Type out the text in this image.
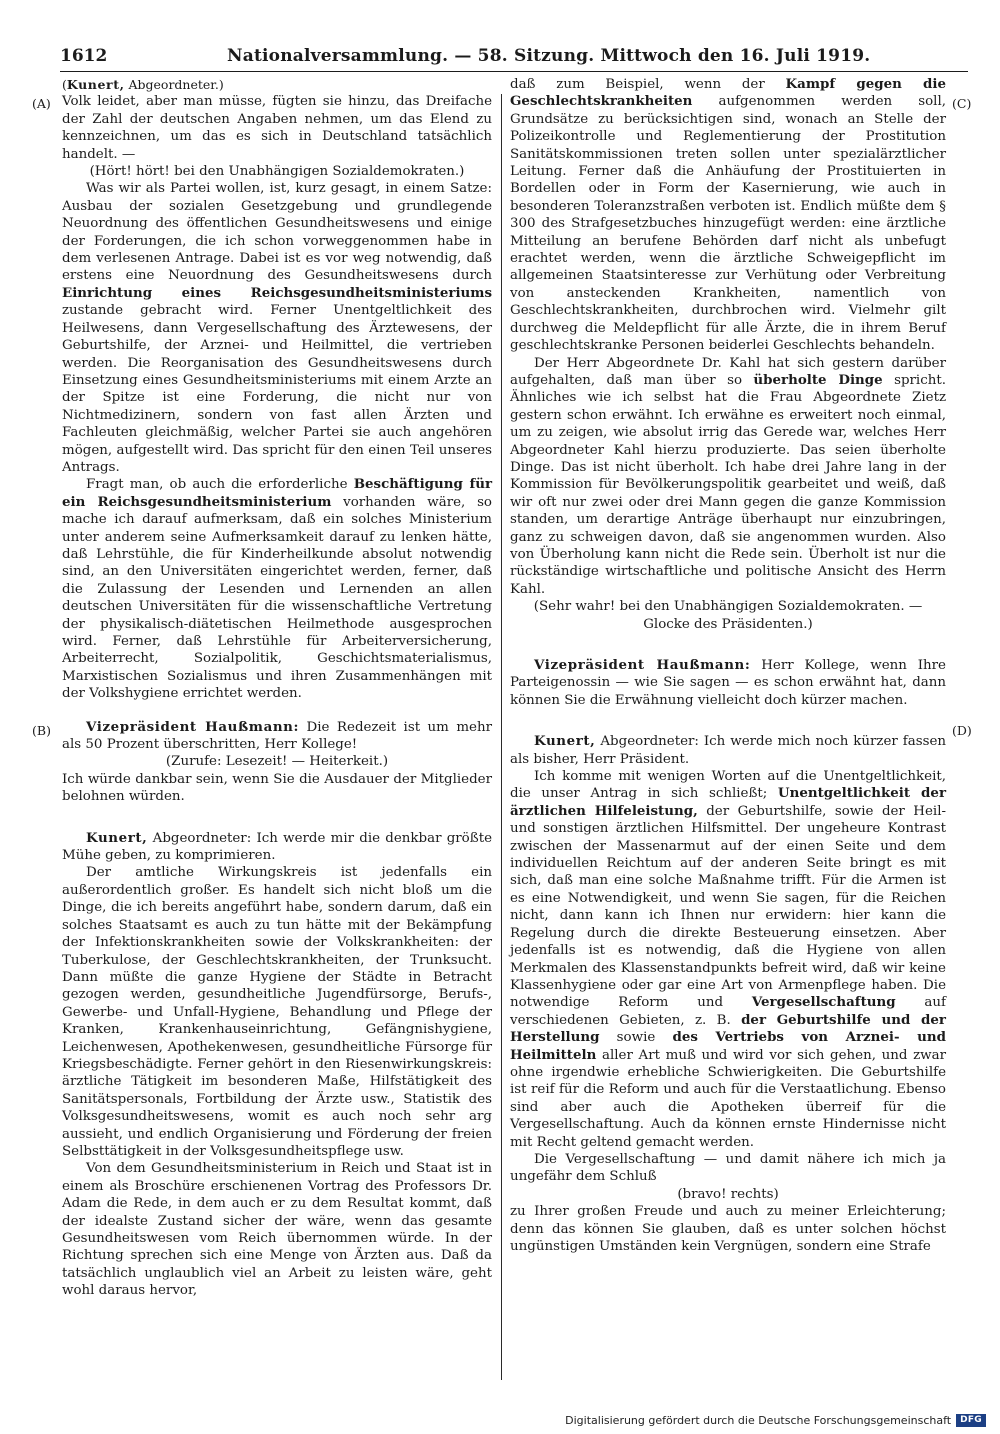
1612	Nationalversammlung. — 58. Sitzung. Mittwoch den 16. Juli 1919.
(A)
(B)
(C)
(D)

(Kunert, Abgeordneter.)

Volk leidet, aber man müsse, fügten sie hinzu, das Dreifache der Zahl der deutschen Angaben nehmen, um das Elend zu kennzeichnen, um das es sich in Deutschland tatsächlich handelt. —

(Hört! hört! bei den Unabhängigen Sozialdemokraten.)

Was wir als Partei wollen, ist, kurz gesagt, in einem Satze: Ausbau der sozialen Gesetzgebung und grundlegende Neuordnung des öffentlichen Gesundheitswesens und einige der Forderungen, die ich schon vorweggenommen habe in dem verlesenen Antrage. Dabei ist es vor weg notwendig, daß erstens eine Neuordnung des Gesundheitswesens durch Einrichtung eines Reichsgesundheitsministeriums zustande gebracht wird. Ferner Unentgeltlichkeit des Heilwesens, dann Vergesellschaftung des Ärztewesens, der Geburtshilfe, der Arznei- und Heilmittel, die vertrieben werden. Die Reorganisation des Gesundheitswesens durch Einsetzung eines Gesundheitsministeriums mit einem Arzte an der Spitze ist eine Forderung, die nicht nur von Nichtmedizinern, sondern von fast allen Ärzten und Fachleuten gleichmäßig, welcher Partei sie auch angehören mögen, aufgestellt wird. Das spricht für den einen Teil unseres Antrags.

Fragt man, ob auch die erforderliche Beschäftigung für ein Reichsgesundheitsministerium vorhanden wäre, so mache ich darauf aufmerksam, daß ein solches Ministerium unter anderem seine Aufmerksamkeit darauf zu lenken hätte, daß Lehrstühle, die für Kinderheilkunde absolut notwendig sind, an den Universitäten eingerichtet werden, ferner, daß die Zulassung der Lesenden und Lernenden an allen deutschen Universitäten für die wissenschaftliche Vertretung der physikalisch-diätetischen Heilmethode ausgesprochen wird. Ferner, daß Lehrstühle für Arbeiterversicherung, Arbeiterrecht, Sozialpolitik, Geschichtsmaterialismus, Marxistischen Sozialismus und ihren Zusammenhängen mit der Volkshygiene errichtet werden.

Vizepräsident Haußmann: Die Redezeit ist um mehr als 50 Prozent überschritten, Herr Kollege!

(Zurufe: Lesezeit! — Heiterkeit.)

Ich würde dankbar sein, wenn Sie die Ausdauer der Mitglieder belohnen würden.

Kunert, Abgeordneter: Ich werde mir die denkbar größte Mühe geben, zu komprimieren.

Der amtliche Wirkungskreis ist jedenfalls ein außerordentlich großer. Es handelt sich nicht bloß um die Dinge, die ich bereits angeführt habe, sondern darum, daß ein solches Staatsamt es auch zu tun hätte mit der Bekämpfung der Infektionskrankheiten sowie der Volkskrankheiten: der Tuberkulose, der Geschlechtskrankheiten, der Trunksucht. Dann müßte die ganze Hygiene der Städte in Betracht gezogen werden, gesundheitliche Jugendfürsorge, Berufs-, Gewerbe- und Unfall-Hygiene, Behandlung und Pflege der Kranken, Krankenhauseinrichtung, Gefängnishygiene, Leichenwesen, Apothekenwesen, gesundheitliche Fürsorge für Kriegsbeschädigte. Ferner gehört in den Riesenwirkungskreis: ärztliche Tätigkeit im besonderen Maße, Hilfstätigkeit des Sanitätspersonals, Fortbildung der Ärzte usw., Statistik des Volksgesundheitswesens, womit es auch noch sehr arg aussieht, und endlich Organisierung und Förderung der freien Selbsttätigkeit in der Volksgesundheitspflege usw.

Von dem Gesundheitsministerium in Reich und Staat ist in einem als Broschüre erschienenen Vortrag des Professors Dr. Adam die Rede, in dem auch er zu dem Resultat kommt, daß der idealste Zustand sicher der wäre, wenn das gesamte Gesundheitswesen vom Reich übernommen würde. In der Richtung sprechen sich eine Menge von Ärzten aus. Daß da tatsächlich unglaublich viel an Arbeit zu leisten wäre, geht wohl daraus hervor,

daß zum Beispiel, wenn der Kampf gegen die Geschlechtskrankheiten aufgenommen werden soll, Grundsätze zu berücksichtigen sind, wonach an Stelle der Polizeikontrolle und Reglementierung der Prostitution Sanitätskommissionen treten sollen unter spezialärztlicher Leitung. Ferner daß die Anhäufung der Prostituierten in Bordellen oder in Form der Kasernierung, wie auch in besonderen Toleranzstraßen verboten ist. Endlich müßte dem § 300 des Strafgesetzbuches hinzugefügt werden: eine ärztliche Mitteilung an berufene Behörden darf nicht als unbefugt erachtet werden, wenn die ärztliche Schweigepflicht im allgemeinen Staatsinteresse zur Verhütung oder Verbreitung von ansteckenden Krankheiten, namentlich von Geschlechtskrankheiten, durchbrochen wird. Vielmehr gilt durchweg die Meldepflicht für alle Ärzte, die in ihrem Beruf geschlechtskranke Personen beiderlei Geschlechts behandeln.

Der Herr Abgeordnete Dr. Kahl hat sich gestern darüber aufgehalten, daß man über so überholte Dinge spricht. Ähnliches wie ich selbst hat die Frau Abgeordnete Zietz gestern schon erwähnt. Ich erwähne es erweitert noch einmal, um zu zeigen, wie absolut irrig das Gerede war, welches Herr Abgeordneter Kahl hierzu produzierte. Das seien überholte Dinge. Das ist nicht überholt. Ich habe drei Jahre lang in der Kommission für Bevölkerungspolitik gearbeitet und weiß, daß wir oft nur zwei oder drei Mann gegen die ganze Kommission standen, um derartige Anträge überhaupt nur einzubringen, ganz zu schweigen davon, daß sie angenommen wurden. Also von Überholung kann nicht die Rede sein. Überholt ist nur die rückständige wirtschaftliche und politische Ansicht des Herrn Kahl.

(Sehr wahr! bei den Unabhängigen Sozialdemokraten. — Glocke des Präsidenten.)

Vizepräsident Haußmann: Herr Kollege, wenn Ihre Parteigenossin — wie Sie sagen — es schon erwähnt hat, dann können Sie die Erwähnung vielleicht doch kürzer machen.

Kunert, Abgeordneter: Ich werde mich noch kürzer fassen als bisher, Herr Präsident.

Ich komme mit wenigen Worten auf die Unentgeltlichkeit, die unser Antrag in sich schließt; Unentgeltlichkeit der ärztlichen Hilfeleistung, der Geburtshilfe, sowie der Heil- und sonstigen ärztlichen Hilfsmittel. Der ungeheure Kontrast zwischen der Massenarmut auf der einen Seite und dem individuellen Reichtum auf der anderen Seite bringt es mit sich, daß man eine solche Maßnahme trifft. Für die Armen ist es eine Notwendigkeit, und wenn Sie sagen, für die Reichen nicht, dann kann ich Ihnen nur erwidern: hier kann die Regelung durch die direkte Besteuerung einsetzen. Aber jedenfalls ist es notwendig, daß die Hygiene von allen Merkmalen des Klassenstandpunkts befreit wird, daß wir keine Klassenhygiene oder gar eine Art von Armenpflege haben. Die notwendige Reform und Vergesellschaftung auf verschiedenen Gebieten, z. B. der Geburtshilfe und der Herstellung sowie des Vertriebs von Arznei- und Heilmitteln aller Art muß und wird vor sich gehen, und zwar ohne irgendwie erhebliche Schwierigkeiten. Die Geburtshilfe ist reif für die Reform und auch für die Verstaatlichung. Ebenso sind aber auch die Apotheken überreif für die Vergesellschaftung. Auch da können ernste Hindernisse nicht mit Recht geltend gemacht werden.

Die Vergesellschaftung — und damit nähere ich mich ja ungefähr dem Schluß

(bravo! rechts)

zu Ihrer großen Freude und auch zu meiner Erleichterung; denn das können Sie glauben, daß es unter solchen höchst ungünstigen Umständen kein Vergnügen, sondern eine Strafe

Digitalisierung gefördert durch die Deutsche Forschungsgemeinschaft	DFG
